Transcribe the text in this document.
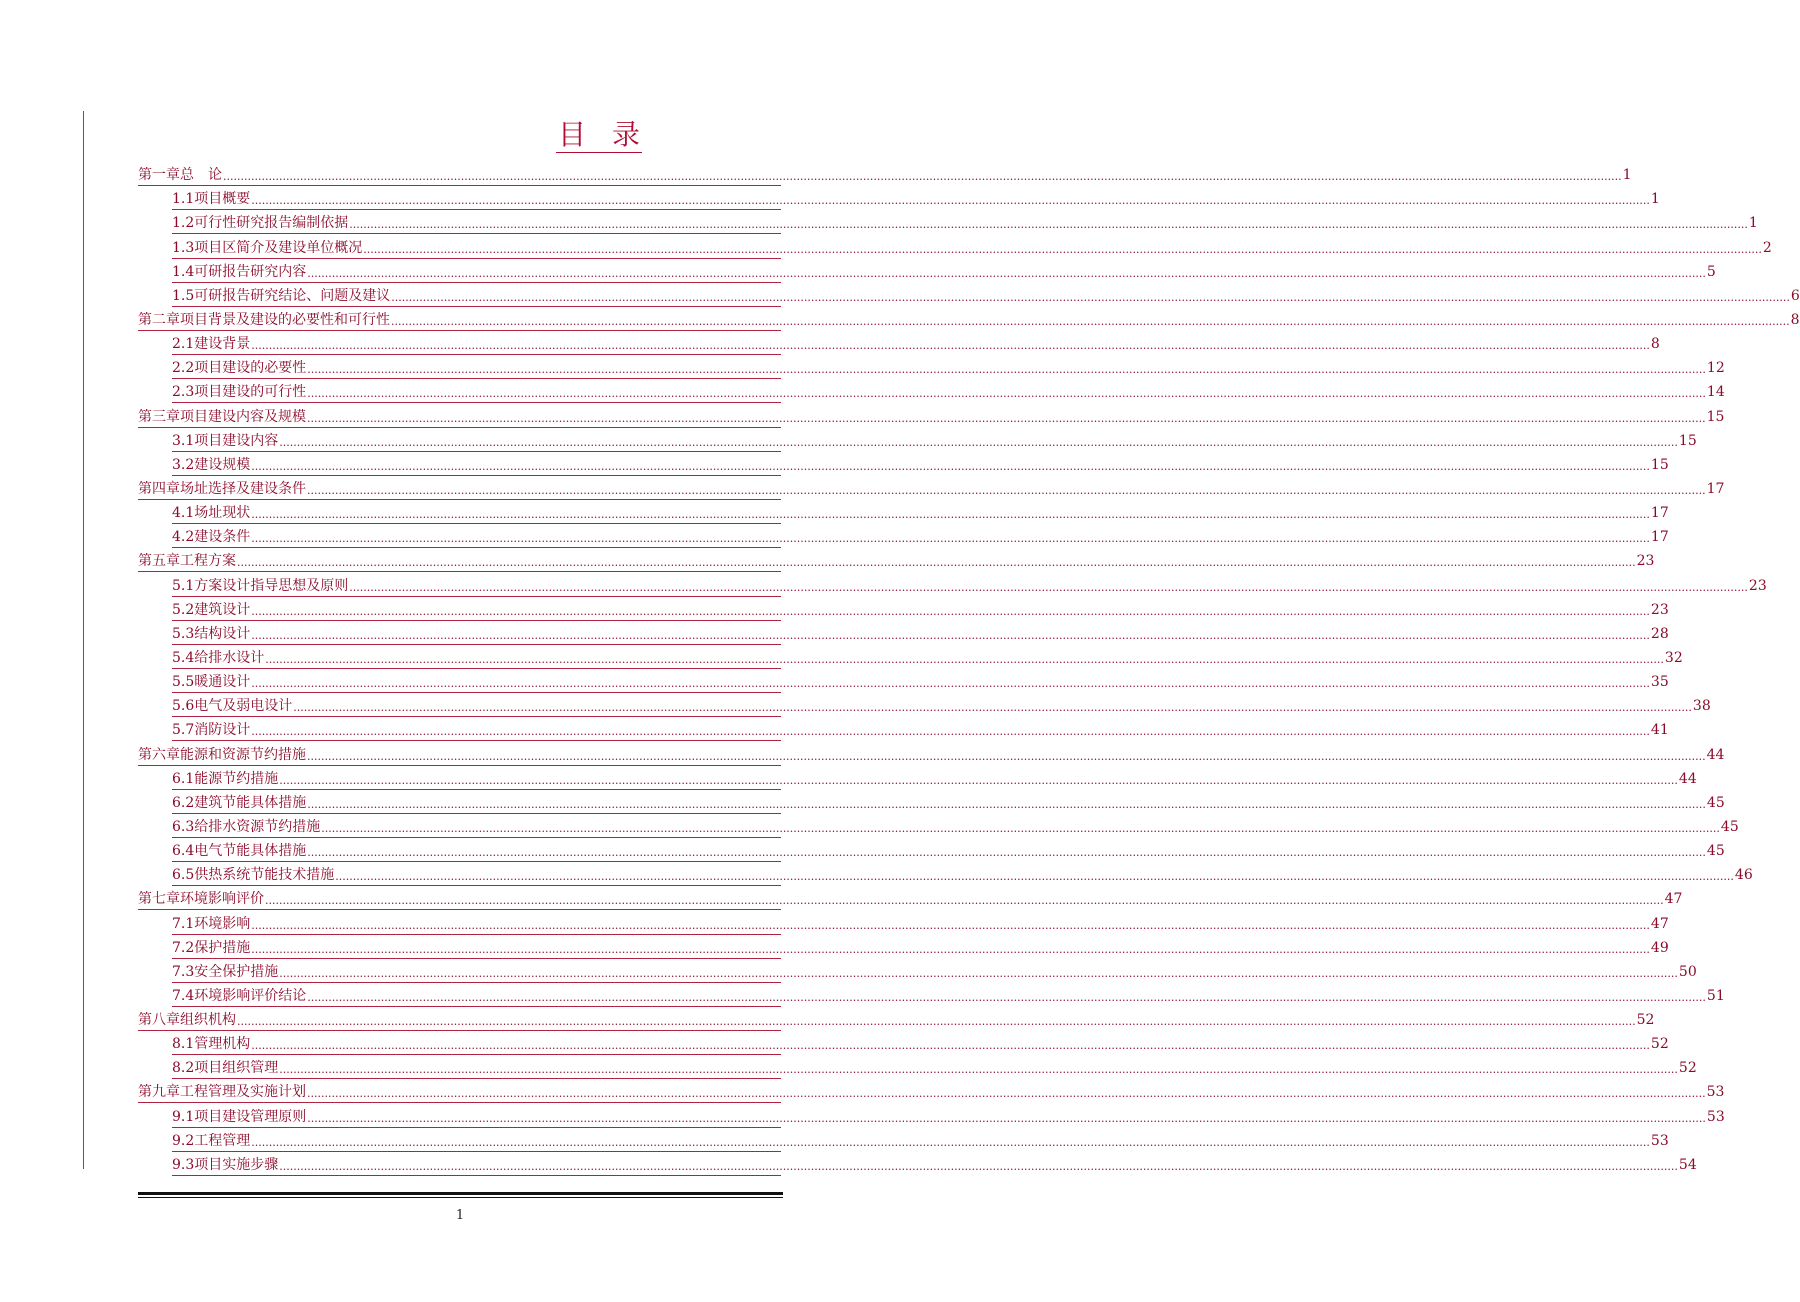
目 录
第一章 总　论 ................................................................................................................................................................................................................................................................................................................................................................................................................ 1
1.1 项目概要 ................................................................................................................................................................................................................................................................................................................................................................................................................ 1
1.2 可行性研究报告编制依据 ................................................................................................................................................................................................................................................................................................................................................................................................................ 1
1.3 项目区简介及建设单位概况 ................................................................................................................................................................................................................................................................................................................................................................................................................ 2
1.4 可研报告研究内容 ................................................................................................................................................................................................................................................................................................................................................................................................................ 5
1.5 可研报告研究结论、问题及建议 ................................................................................................................................................................................................................................................................................................................................................................................................................ 6
第二章 项目背景及建设的必要性和可行性 ................................................................................................................................................................................................................................................................................................................................................................................................................ 8
2.1 建设背景 ................................................................................................................................................................................................................................................................................................................................................................................................................ 8
2.2 项目建设的必要性 ................................................................................................................................................................................................................................................................................................................................................................................................................ 12
2.3 项目建设的可行性 ................................................................................................................................................................................................................................................................................................................................................................................................................ 14
第三章 项目建设内容及规模 ................................................................................................................................................................................................................................................................................................................................................................................................................ 15
3.1 项目建设内容 ................................................................................................................................................................................................................................................................................................................................................................................................................ 15
3.2 建设规模 ................................................................................................................................................................................................................................................................................................................................................................................................................ 15
第四章 场址选择及建设条件 ................................................................................................................................................................................................................................................................................................................................................................................................................ 17
4.1 场址现状 ................................................................................................................................................................................................................................................................................................................................................................................................................ 17
4.2 建设条件 ................................................................................................................................................................................................................................................................................................................................................................................................................ 17
第五章 工程方案 ................................................................................................................................................................................................................................................................................................................................................................................................................ 23
5.1 方案设计指导思想及原则 ................................................................................................................................................................................................................................................................................................................................................................................................................ 23
5.2 建筑设计 ................................................................................................................................................................................................................................................................................................................................................................................................................ 23
5.3 结构设计 ................................................................................................................................................................................................................................................................................................................................................................................................................ 28
5.4 给排水设计 ................................................................................................................................................................................................................................................................................................................................................................................................................ 32
5.5 暖通设计 ................................................................................................................................................................................................................................................................................................................................................................................................................ 35
5.6 电气及弱电设计 ................................................................................................................................................................................................................................................................................................................................................................................................................ 38
5.7 消防设计 ................................................................................................................................................................................................................................................................................................................................................................................................................ 41
第六章 能源和资源节约措施 ................................................................................................................................................................................................................................................................................................................................................................................................................ 44
6.1 能源节约措施 ................................................................................................................................................................................................................................................................................................................................................................................................................ 44
6.2 建筑节能具体措施 ................................................................................................................................................................................................................................................................................................................................................................................................................ 45
6.3 给排水资源节约措施 ................................................................................................................................................................................................................................................................................................................................................................................................................ 45
6.4 电气节能具体措施 ................................................................................................................................................................................................................................................................................................................................................................................................................ 45
6.5 供热系统节能技术措施 ................................................................................................................................................................................................................................................................................................................................................................................................................ 46
第七章 环境影响评价 ................................................................................................................................................................................................................................................................................................................................................................................................................ 47
7.1 环境影响 ................................................................................................................................................................................................................................................................................................................................................................................................................ 47
7.2 保护措施 ................................................................................................................................................................................................................................................................................................................................................................................................................ 49
7.3 安全保护措施 ................................................................................................................................................................................................................................................................................................................................................................................................................ 50
7.4 环境影响评价结论 ................................................................................................................................................................................................................................................................................................................................................................................................................ 51
第八章 组织机构 ................................................................................................................................................................................................................................................................................................................................................................................................................ 52
8.1 管理机构 ................................................................................................................................................................................................................................................................................................................................................................................................................ 52
8.2 项目组织管理 ................................................................................................................................................................................................................................................................................................................................................................................................................ 52
第九章 工程管理及实施计划 ................................................................................................................................................................................................................................................................................................................................................................................................................ 53
9.1 项目建设管理原则 ................................................................................................................................................................................................................................................................................................................................................................................................................ 53
9.2 工程管理 ................................................................................................................................................................................................................................................................................................................................................................................................................ 53
9.3 项目实施步骤 ................................................................................................................................................................................................................................................................................................................................................................................................................ 54
1
